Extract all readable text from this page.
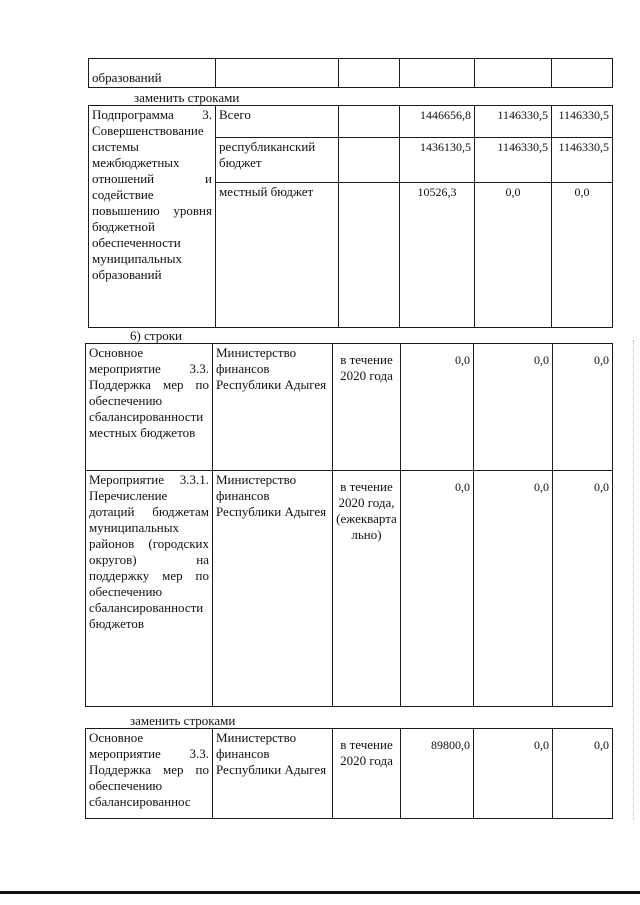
образований					
заменить строками
Подпрограмма 3. Совершенствование системы межбюджетных отношений и содействие повышению уровня бюджетной обеспеченности муниципальных образований	Всего		1446656,8	1146330,5	1146330,5
	республиканский бюджет		1436130,5	1146330,5	1146330,5
	местный бюджет		10526,3	0,0	0,0
6) строки
Основное мероприятие 3.3. Поддержка мер по обеспечению сбалансированности местных бюджетов	Министерство финансов Республики Адыгея	в течение 2020 года	0,0	0,0	0,0
Мероприятие 3.3.1. Перечисление дотаций бюджетам муниципальных районов (городских округов) на поддержку мер по обеспечению сбалансированности бюджетов	Министерство финансов Республики Адыгея	в течение 2020 года, (ежеквартально)	0,0	0,0	0,0
заменить строками
Основное мероприятие 3.3. Поддержка мер по обеспечению сбалансированнос	Министерство финансов Республики Адыгея	в течение 2020 года	89800,0	0,0	0,0
